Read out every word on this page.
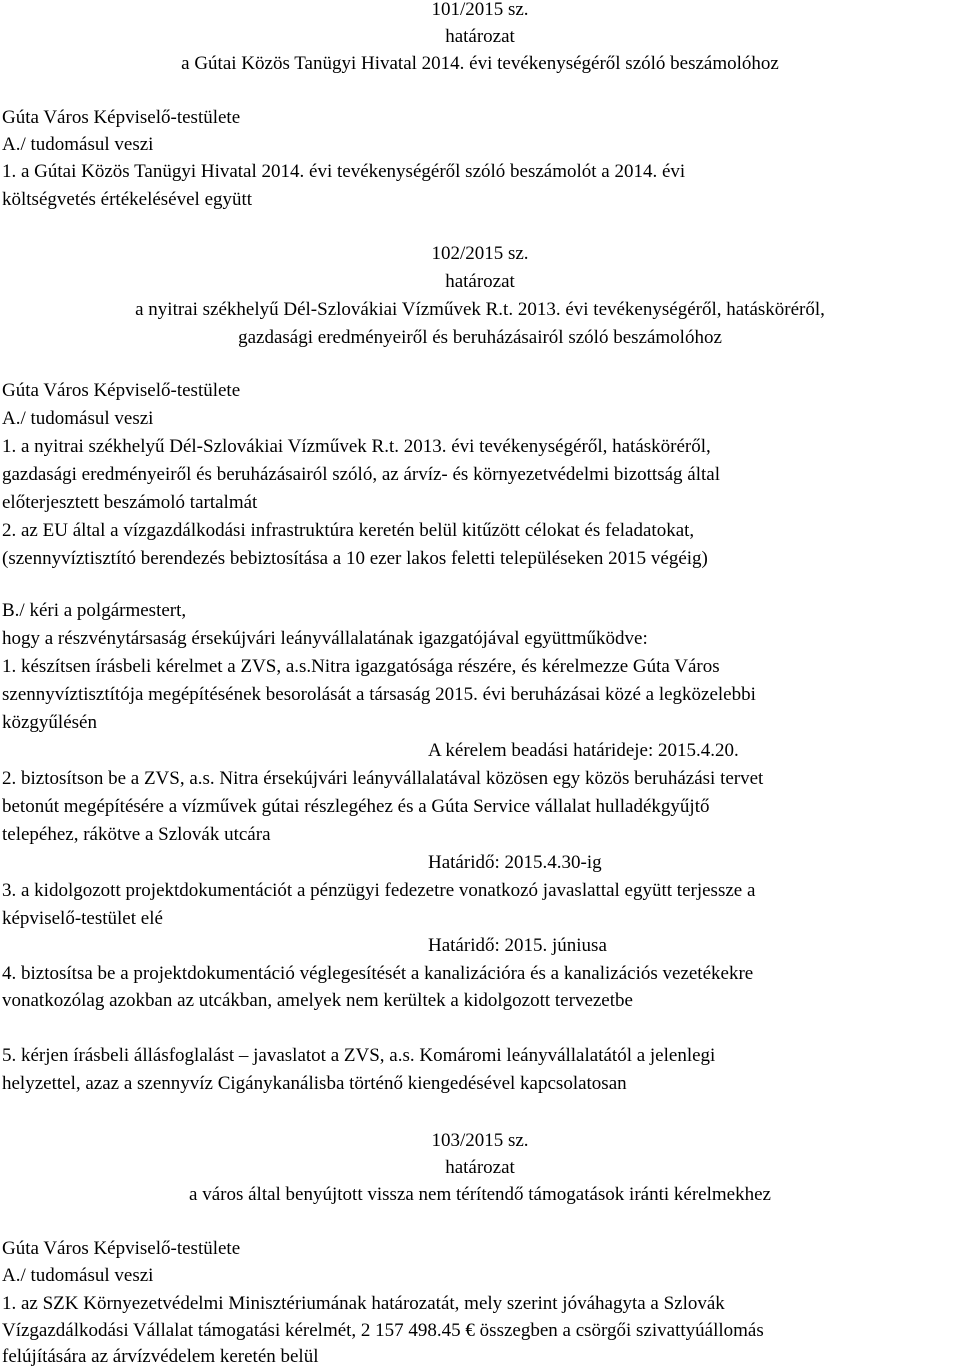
101/2015 sz.

határozat

a Gútai Közös Tanügyi Hivatal 2014. évi tevékenységéről szóló beszámolóhoz

Gúta Város Képviselő-testülete

A./ tudomásul veszi

1. a Gútai Közös Tanügyi Hivatal 2014. évi tevékenységéről szóló beszámolót a 2014. évi

költségvetés értékelésével együtt

102/2015 sz.

határozat

a nyitrai székhelyű Dél-Szlovákiai Vízművek R.t. 2013. évi tevékenységéről, hatásköréről,

gazdasági eredményeiről és beruházásairól szóló beszámolóhoz

Gúta Város Képviselő-testülete

A./ tudomásul veszi

1. a nyitrai székhelyű Dél-Szlovákiai Vízművek R.t. 2013. évi tevékenységéről, hatásköréről,

gazdasági eredményeiről és beruházásairól szóló, az árvíz- és környezetvédelmi bizottság által

előterjesztett beszámoló tartalmát

2. az EU által a vízgazdálkodási infrastruktúra keretén belül kitűzött célokat és feladatokat,

(szennyvíztisztító berendezés bebiztosítása a 10 ezer lakos feletti településeken 2015 végéig)

B./ kéri a polgármestert,

hogy a részvénytársaság érsekújvári leányvállalatának igazgatójával együttműködve:

1. készítsen írásbeli kérelmet a ZVS, a.s.Nitra igazgatósága részére, és kérelmezze Gúta Város

szennyvíztisztítója megépítésének besorolását a társaság 2015. évi beruházásai közé a legközelebbi

közgyűlésén

A kérelem beadási határideje: 2015.4.20.

2. biztosítson be a ZVS, a.s. Nitra érsekújvári leányvállalatával közösen egy közös beruházási tervet

betonút megépítésére a vízművek gútai részlegéhez és a Gúta Service vállalat hulladékgyűjtő

telepéhez, rákötve a Szlovák utcára

Határidő: 2015.4.30-ig

3. a kidolgozott projektdokumentációt a pénzügyi fedezetre vonatkozó javaslattal együtt terjessze a

képviselő-testület elé

Határidő: 2015. júniusa

4. biztosítsa be a projektdokumentáció véglegesítését a kanalizációra és a kanalizációs vezetékekre

vonatkozólag azokban az utcákban, amelyek nem kerültek a kidolgozott tervezetbe

5. kérjen írásbeli állásfoglalást – javaslatot a ZVS, a.s. Komáromi leányvállalatától a jelenlegi

helyzettel, azaz a szennyvíz Cigánykanálisba történő kiengedésével kapcsolatosan

103/2015 sz.

határozat

a város által benyújtott vissza nem térítendő támogatások iránti kérelmekhez

Gúta Város Képviselő-testülete

A./ tudomásul veszi

1. az SZK Környezetvédelmi Minisztériumának határozatát, mely szerint jóváhagyta a Szlovák

Vízgazdálkodási Vállalat támogatási kérelmét, 2 157 498.45 € összegben a csörgői szivattyúállomás

felújítására az árvízvédelem keretén belül
